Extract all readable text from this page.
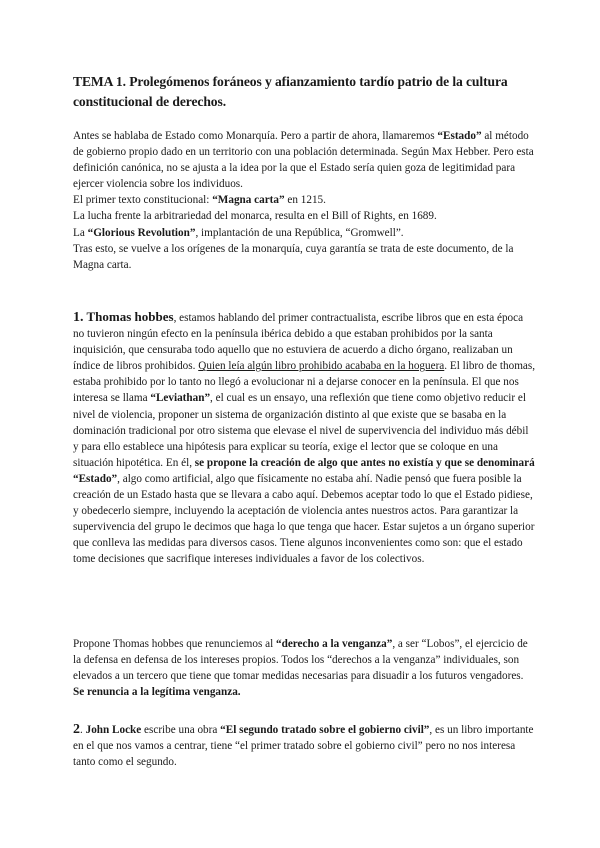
TEMA 1. Prolegómenos foráneos y afianzamiento tardío patrio de la cultura constitucional de derechos.

Antes se hablaba de Estado como Monarquía. Pero a partir de ahora, llamaremos “Estado” al método de gobierno propio dado en un territorio con una población determinada. Según Max Hebber. Pero esta definición canónica, no se ajusta a la idea por la que el Estado sería quien goza de legitimidad para ejercer violencia sobre los individuos.

El primer texto constitucional: “Magna carta” en 1215.

La lucha frente la arbitrariedad del monarca, resulta en el Bill of Rights, en 1689.

La “Glorious Revolution”, implantación de una República, “Gromwell”.

Tras esto, se vuelve a los orígenes de la monarquía, cuya garantía se trata de este documento, de la Magna carta.

1. Thomas hobbes, estamos hablando del primer contractualista, escribe libros que en esta época no tuvieron ningún efecto en la península ibérica debido a que estaban prohibidos por la santa inquisición, que censuraba todo aquello que no estuviera de acuerdo a dicho órgano, realizaban un índice de libros prohibidos. Quien leía algún libro prohibido acababa en la hoguera. El libro de thomas, estaba prohibido por lo tanto no llegó a evolucionar ni a dejarse conocer en la península. El que nos interesa se llama “Leviathan”, el cual es un ensayo, una reflexión que tiene como objetivo reducir el nivel de violencia, proponer un sistema de organización distinto al que existe que se basaba en la dominación tradicional por otro sistema que elevase el nivel de supervivencia del individuo más débil y para ello establece una hipótesis para explicar su teoría, exige el lector que se coloque en una situación hipotética. En él, se propone la creación de algo que antes no existía y que se denominará “Estado”, algo como artificial, algo que físicamente no estaba ahí. Nadie pensó que fuera posible la creación de un Estado hasta que se llevara a cabo aquí. Debemos aceptar todo lo que el Estado pidiese, y obedecerlo siempre, incluyendo la aceptación de violencia antes nuestros actos. Para garantizar la supervivencia del grupo le decimos que haga lo que tenga que hacer. Estar sujetos a un órgano superior que conlleva las medidas para diversos casos. Tiene algunos inconvenientes como son: que el estado tome decisiones que sacrifique intereses individuales a favor de los colectivos.

Propone Thomas hobbes que renunciemos al “derecho a la venganza”, a ser “Lobos”, el ejercicio de la defensa en defensa de los intereses propios. Todos los “derechos a la venganza” individuales, son elevados a un tercero que tiene que tomar medidas necesarias para disuadir a los futuros vengadores. Se renuncia a la legítima venganza.

2. John Locke escribe una obra “El segundo tratado sobre el gobierno civil”, es un libro importante en el que nos vamos a centrar, tiene “el primer tratado sobre el gobierno civil” pero no nos interesa tanto como el segundo.
